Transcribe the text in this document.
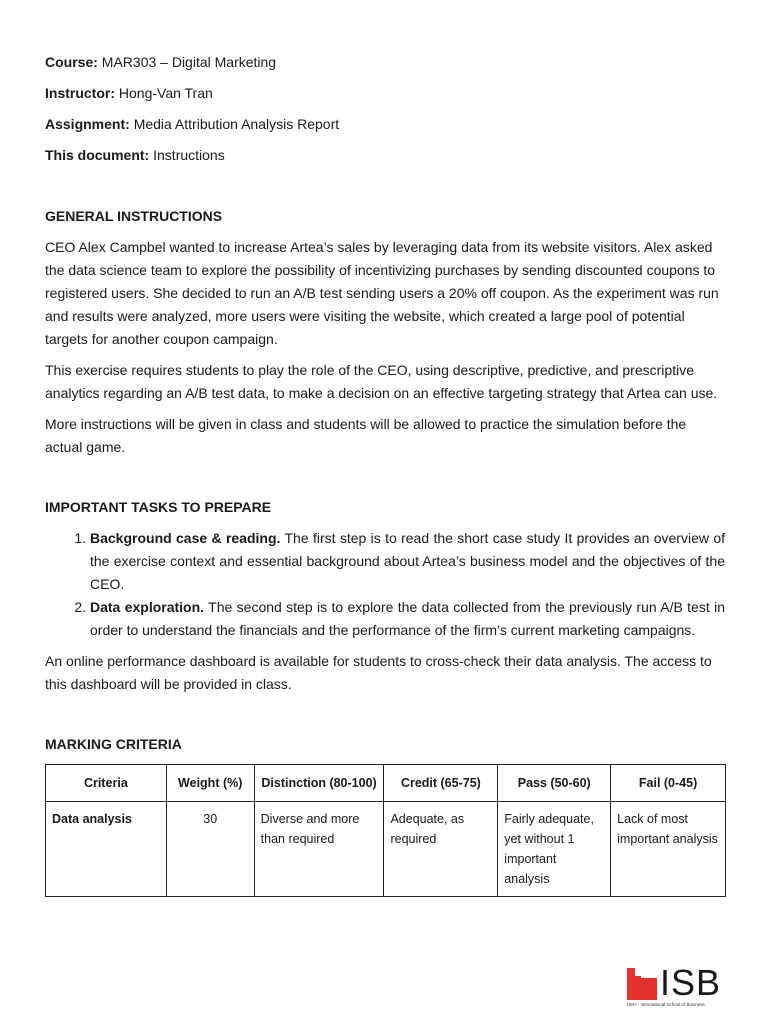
Course: MAR303 – Digital Marketing

Instructor: Hong-Van Tran

Assignment: Media Attribution Analysis Report

This document: Instructions

GENERAL INSTRUCTIONS

CEO Alex Campbel wanted to increase Artea’s sales by leveraging data from its website visitors. Alex asked the data science team to explore the possibility of incentivizing purchases by sending discounted coupons to registered users. She decided to run an A/B test sending users a 20% off coupon. As the experiment was run and results were analyzed, more users were visiting the website, which created a large pool of potential targets for another coupon campaign.

This exercise requires students to play the role of the CEO, using descriptive, predictive, and prescriptive analytics regarding an A/B test data, to make a decision on an effective targeting strategy that Artea can use.

More instructions will be given in class and students will be allowed to practice the simulation before the actual game.

IMPORTANT TASKS TO PREPARE
1. Background case & reading. The first step is to read the short case study It provides an overview of the exercise context and essential background about Artea’s business model and the objectives of the CEO.
2. Data exploration. The second step is to explore the data collected from the previously run A/B test in order to understand the financials and the performance of the firm’s current marketing campaigns.

An online performance dashboard is available for students to cross-check their data analysis. The access to this dashboard will be provided in class.

MARKING CRITERIA
Criteria	Weight (%)	Distinction (80-100)	Credit (65-75)	Pass (50-60)	Fail (0-45)
Data analysis	30	Diverse and more than required	Adequate, as required	Fairly adequate, yet without 1 important analysis	Lack of most important analysis
ISB
UEH - International School of Business
